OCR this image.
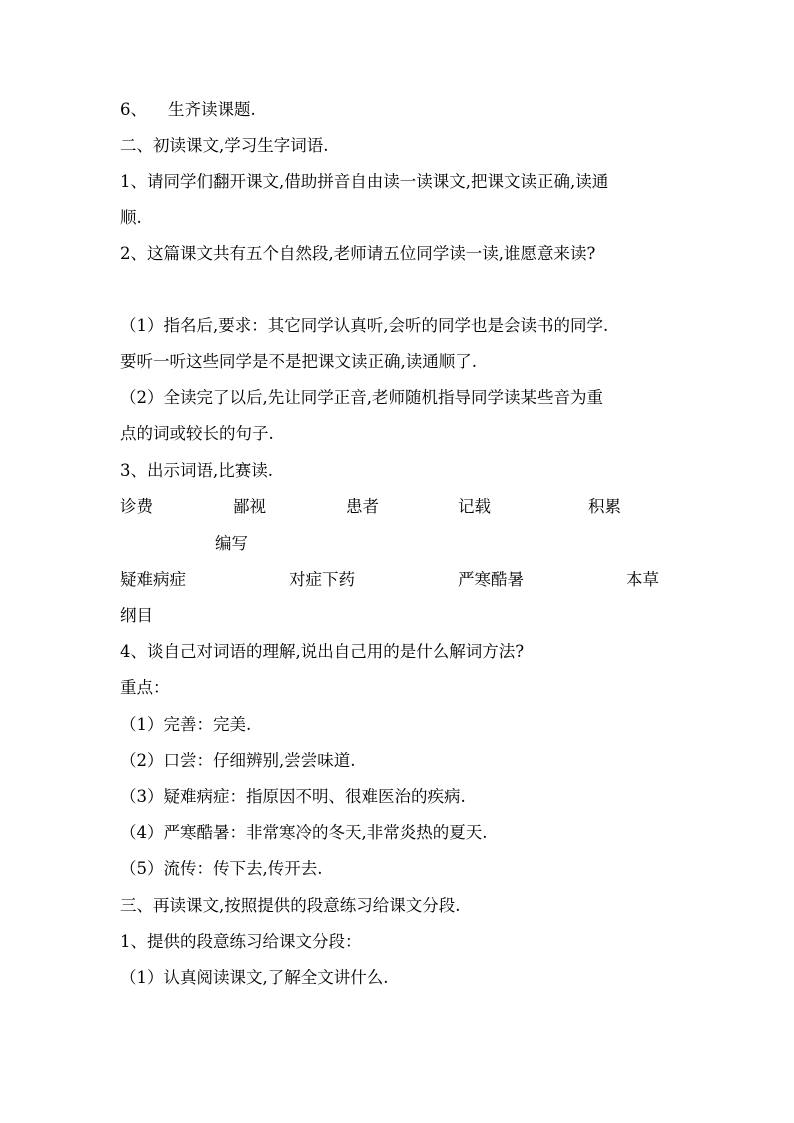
6、 生齐读课题.
二、初读课文,学习生字词语.
1、请同学们翻开课文,借助拼音自由读一读课文,把课文读正确,读通
顺.
2、这篇课文共有五个自然段,老师请五位同学读一读,谁愿意来读?
（1）指名后,要求：其它同学认真听,会听的同学也是会读书的同学.
要听一听这些同学是不是把课文读正确,读通顺了.
（2）全读完了以后,先让同学正音,老师随机指导同学读某些音为重
点的词或较长的句子.
3、出示词语,比赛读.
诊费	鄙视	患者	记载	积累
编写
疑难病症	对症下药	严寒酷暑	本草
纲目
4、谈自己对词语的理解,说出自己用的是什么解词方法?
重点：
（1）完善：完美.
（2）口尝：仔细辨别,尝尝味道.
（3）疑难病症：指原因不明、很难医治的疾病.
（4）严寒酷暑：非常寒冷的冬天,非常炎热的夏天.
（5）流传：传下去,传开去.
三、再读课文,按照提供的段意练习给课文分段.
1、提供的段意练习给课文分段：
（1）认真阅读课文,了解全文讲什么.
